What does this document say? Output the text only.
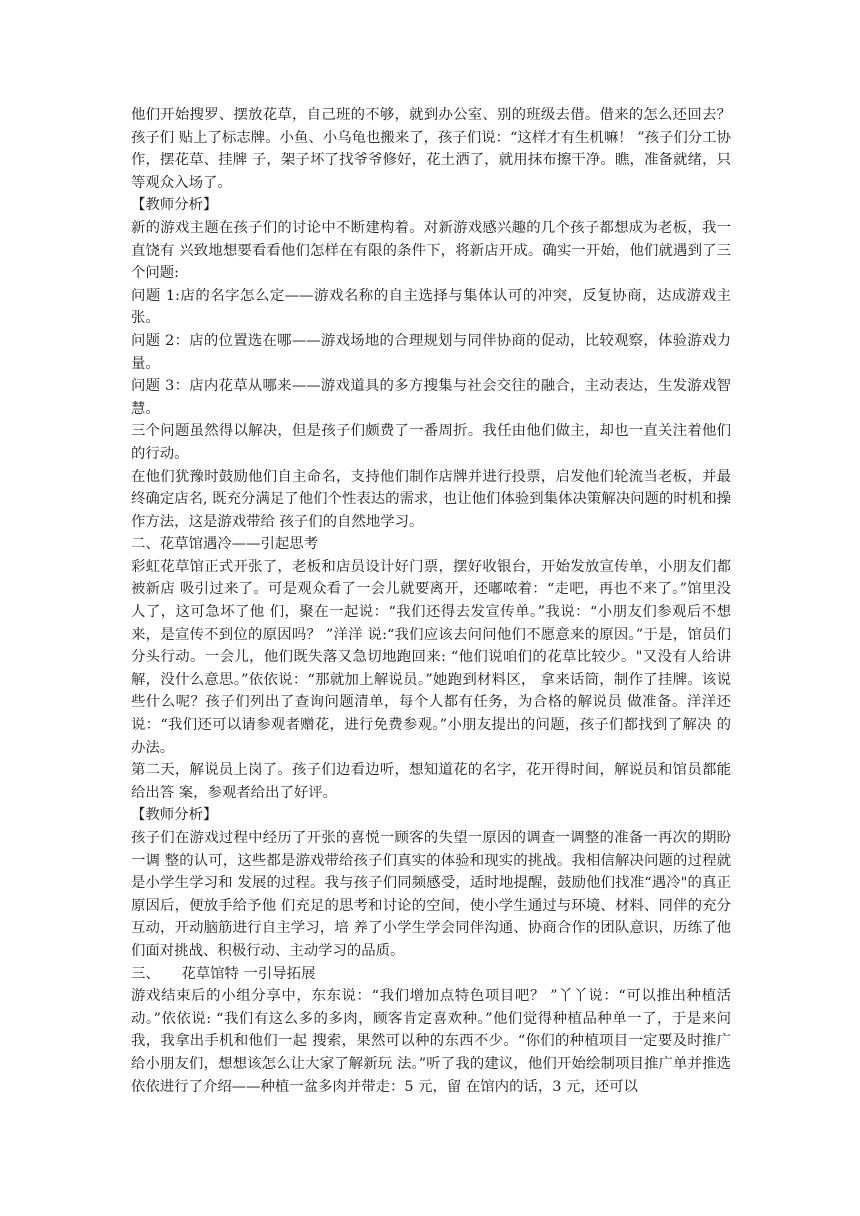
他们开始搜罗、摆放花草，自己班的不够，就到办公室、别的班级去借。借来的怎么还回去？孩子们 贴上了标志牌。小鱼、小乌龟也搬来了，孩子们说：“这样才有生机嘛！ ”孩子们分工协作，摆花草、挂牌 子，架子坏了找爷爷修好，花土洒了，就用抹布擦干净。瞧，准备就绪，只等观众入场了。

【教师分析】

新的游戏主题在孩子们的讨论中不断建构着。对新游戏感兴趣的几个孩子都想成为老板，我一直饶有 兴致地想要看看他们怎样在有限的条件下，将新店开成。确实一开始，他们就遇到了三个问题:

问题 1:店的名字怎么定——游戏名称的自主选择与集体认可的冲突，反复协商，达成游戏主张。

问题 2：店的位置选在哪——游戏场地的合理规划与同伴协商的促动，比较观察，体验游戏力量。

问题 3：店内花草从哪来——游戏道具的多方搜集与社会交往的融合，主动表达，生发游戏智慧。

三个问题虽然得以解决，但是孩子们颇费了一番周折。我任由他们做主，却也一直关注着他们的行动。

在他们犹豫时鼓励他们自主命名，支持他们制作店牌并进行投票，启发他们轮流当老板，并最终确定店名, 既充分满足了他们个性表达的需求，也让他们体验到集体决策解决问题的时机和操作方法，这是游戏带给 孩子们的自然地学习。

二、花草馆遇冷——引起思考

彩虹花草馆正式开张了，老板和店员设计好门票，摆好收银台，开始发放宣传单，小朋友们都被新店 吸引过来了。可是观众看了一会儿就要离开，还嘟哝着：“走吧，再也不来了。”馆里没人了，这可急坏了他 们，聚在一起说：“我们还得去发宣传单。”我说：“小朋友们参观后不想来，是宣传不到位的原因吗？ ”洋洋 说:“我们应该去问问他们不愿意来的原因。”于是，馆员们分头行动。一会儿，他们既失落又急切地跑回来: “他们说咱们的花草比较少。"又没有人给讲解，没什么意思。”依依说：“那就加上解说员。”她跑到材料区， 拿来话筒，制作了挂牌。该说些什么呢？孩子们列出了查询问题清单，每个人都有任务，为合格的解说员 做准备。洋洋还说：“我们还可以请参观者赠花，进行免费参观。”小朋友提出的问题，孩子们都找到了解决 的办法。

第二天，解说员上岗了。孩子们边看边听，想知道花的名字，花开得时间，解说员和馆员都能给出答 案，参观者给出了好评。

【教师分析】

孩子们在游戏过程中经历了开张的喜悦一顾客的失望一原因的调查一调整的准备一再次的期盼一调 整的认可，这些都是游戏带给孩子们真实的体验和现实的挑战。我相信解决问题的过程就是小学生学习和 发展的过程。我与孩子们同频感受，适时地提醒，鼓励他们找准“遇冷"的真正原因后，便放手给予他 们充足的思考和讨论的空间，使小学生通过与环境、材料、同伴的充分互动，开动脑筋进行自主学习，培 养了小学生学会同伴沟通、协商合作的团队意识，历练了他们面对挑战、积极行动、主动学习的品质。

三、　　花草馆特 一引导拓展

游戏结束后的小组分享中，东东说：“我们增加点特色项目吧？ ”丫丫说：“可以推出种植活动。”依依说: “我们有这么多的多肉，顾客肯定喜欢种。”他们觉得种植品种单一了，于是来问我，我拿出手机和他们一起 搜索，果然可以种的东西不少。“你们的种植项目一定要及时推广给小朋友们，想想该怎么让大家了解新玩 法。”听了我的建议，他们开始绘制项目推广单并推选依依进行了介绍——种植一盆多肉并带走：5 元，留 在馆内的话，3 元，还可以
